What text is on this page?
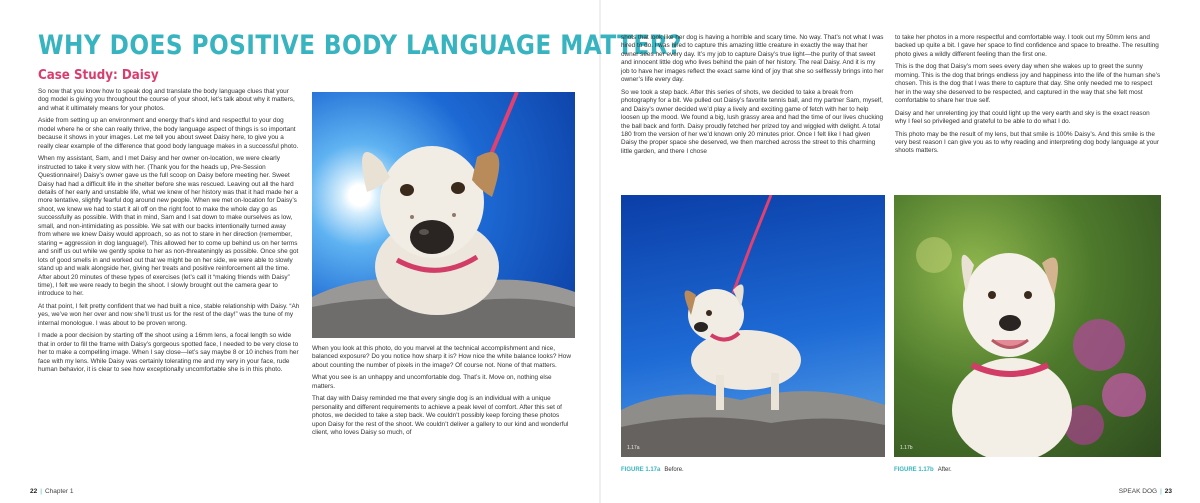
WHY DOES POSITIVE BODY LANGUAGE MATTER?
Case Study: Daisy

So now that you know how to speak dog and translate the body language clues that your dog model is giving you throughout the course of your shoot, let’s talk about why it matters, and what it ultimately means for your photos.

Aside from setting up an environment and energy that’s kind and respectful to your dog model where he or she can really thrive, the body language aspect of things is so important because it shows in your images. Let me tell you about sweet Daisy here, to give you a really clear example of the difference that good body language makes in a successful photo.

When my assistant, Sam, and I met Daisy and her owner on-location, we were clearly instructed to take it very slow with her. (Thank you for the heads up, Pre-Session Questionnaire!) Daisy’s owner gave us the full scoop on Daisy before meeting her. Sweet Daisy had had a difficult life in the shelter before she was rescued. Leaving out all the hard details of her early and unstable life, what we knew of her history was that it had made her a more tentative, slightly fearful dog around new people. When we met on-location for Daisy’s shoot, we knew we had to start it all off on the right foot to make the whole day go as successfully as possible. With that in mind, Sam and I sat down to make ourselves as low, small, and non-intimidating as possible. We sat with our backs intentionally turned away from where we knew Daisy would approach, so as not to stare in her direction (remember, staring = aggression in dog language!). This allowed her to come up behind us on her terms and sniff us out while we gently spoke to her as non-threateningly as possible. Once she got lots of good smells in and worked out that we might be on her side, we were able to slowly stand up and walk alongside her, giving her treats and positive reinforcement all the time. After about 20 minutes of these types of exercises (let’s call it “making friends with Daisy” time), I felt we were ready to begin the shoot. I slowly brought out the camera gear to introduce to her.

At that point, I felt pretty confident that we had built a nice, stable relationship with Daisy. “Ah yes, we’ve won her over and now she’ll trust us for the rest of the day!” was the tune of my internal monologue. I was about to be proven wrong.

I made a poor decision by starting off the shoot using a 16mm lens, a focal length so wide that in order to fill the frame with Daisy’s gorgeous spotted face, I needed to be very close to her to make a compelling image. When I say close—let’s say maybe 8 or 10 inches from her face with my lens. While Daisy was certainly tolerating me and my very in your face, rude human behavior, it is clear to see how exceptionally uncomfortable she is in this photo.

When you look at this photo, do you marvel at the technical accomplishment and nice, balanced exposure? Do you notice how sharp it is? How nice the white balance looks? How about counting the number of pixels in the image? Of course not. None of that matters.

What you see is an unhappy and uncomfortable dog. That’s it. Move on, nothing else matters.

That day with Daisy reminded me that every single dog is an individual with a unique personality and different requirements to achieve a peak level of comfort. After this set of photos, we decided to take a step back. We couldn’t possibly keep forcing these photos upon Daisy for the rest of the shoot. We couldn’t deliver a gallery to our kind and wonderful client, who loves Daisy so much, of

shots that look like her dog is having a horrible and scary time. No way. That’s not what I was hired to do. I was hired to capture this amazing little creature in exactly the way that her owner sees her every day. It’s my job to capture Daisy’s true light—the purity of that sweet and innocent little dog who lives behind the pain of her history. The real Daisy. And it is my job to have her images reflect the exact same kind of joy that she so selflessly brings into her owner’s life every day.

So we took a step back. After this series of shots, we decided to take a break from photography for a bit. We pulled out Daisy’s favorite tennis ball, and my partner Sam, myself, and Daisy’s owner decided we’d play a lively and exciting game of fetch with her to help loosen up the mood. We found a big, lush grassy area and had the time of our lives chucking the ball back and forth. Daisy proudly fetched her prized toy and wiggled with delight. A total 180 from the version of her we’d known only 20 minutes prior. Once I felt like I had given Daisy the proper space she deserved, we then marched across the street to this charming little garden, and there I chose

to take her photos in a more respectful and comfortable way. I took out my 50mm lens and backed up quite a bit. I gave her space to find confidence and space to breathe. The resulting photo gives a wildly different feeling than the first one.

This is the dog that Daisy’s mom sees every day when she wakes up to greet the sunny morning. This is the dog that brings endless joy and happiness into the life of the human she’s chosen. This is the dog that I was there to capture that day. She only needed me to respect her in the way she deserved to be respected, and captured in the way that she felt most comfortable to share her true self.

Daisy and her unrelenting joy that could light up the very earth and sky is the exact reason why I feel so privileged and grateful to be able to do what I do.

This photo may be the result of my lens, but that smile is 100% Daisy’s. And this smile is the very best reason I can give you as to why reading and interpreting dog body language at your shoots matters.

1.17a	1.17b
FIGURE 1.17a Before.	FIGURE 1.17b After.
22 | Chapter 1	SPEAK DOG | 23
